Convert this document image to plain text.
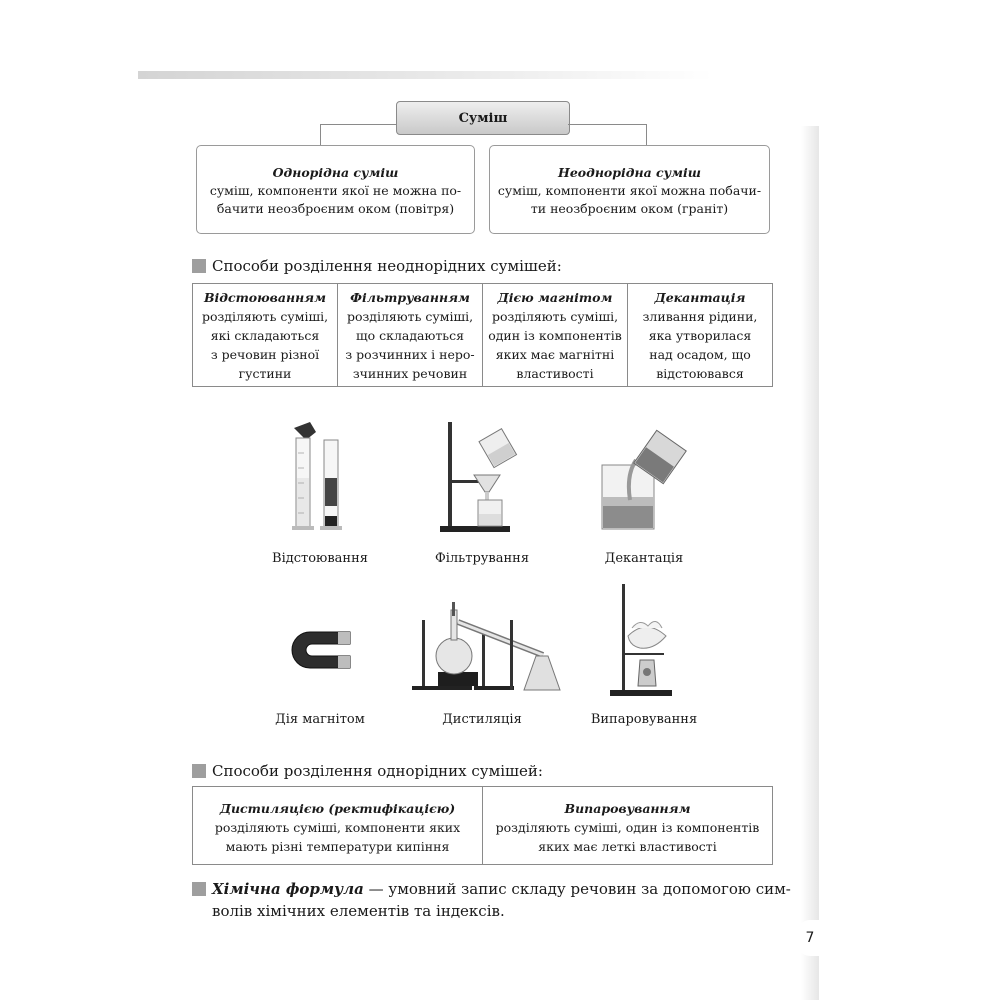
7
Суміш
Однорідна суміш
суміш, компоненти якої не можна по-
бачити неозброєним оком (повітря)
Неоднорідна суміш
суміш, компоненти якої можна побачи-
ти неозброєним оком (граніт)
Способи розділення неоднорідних сумішей:
Відстоюванням
розділяють суміші,
які складаються
з речовин різної
густини

Фільтруванням
розділяють суміші,
що складаються
з розчинних і неро-
зчинних речовин

Дією магнітом
розділяють суміші,
один із компонентів
яких має магнітні
властивості

Декантація
зливання рідини,
яка утворилася
над осадом, що
відстоювався
Відстоювання	Фільтрування	Декантація
Дія магнітом	Дистиляція	Випаровування
Способи розділення однорідних сумішей:
Дистиляцією (ректифікацією)
розділяють суміші, компоненти яких
мають різні температури кипіння

Випаровуванням
розділяють суміші, один із компонентів
яких має леткі властивості
Хімічна формула — умовний запис складу речовин за допомогою сим-
волів хімічних елементів та індексів.
